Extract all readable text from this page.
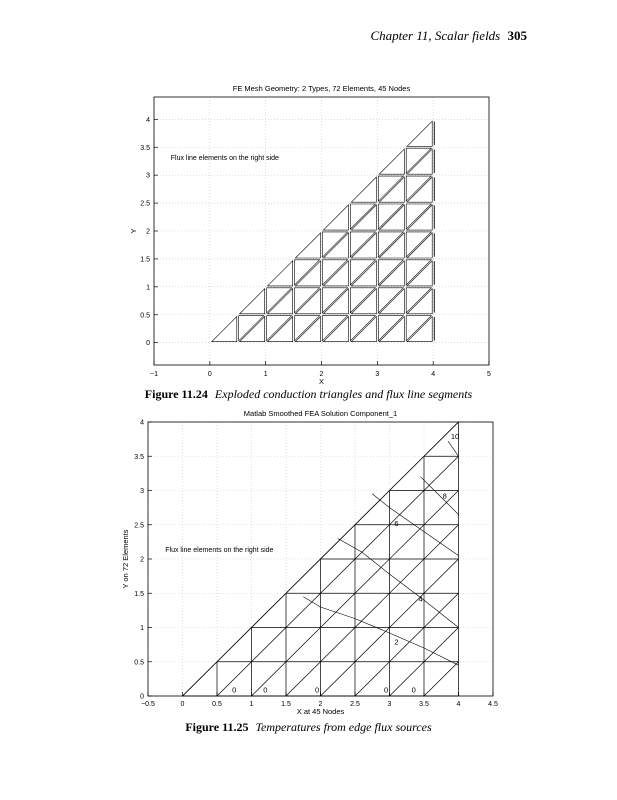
Chapter 11, Scalar fields 305
−1	0	1	2	3	4	5
0
0.5
1
1.5
2
2.5
3
3.5
4
FE Mesh Geometry: 2 Types, 72 Elements, 45 Nodes
X
Y
Flux line elements on the right side
Figure 11.24 Exploded conduction triangles and flux line segments
−0.5	0	0.5	1	1.5	2	2.5	3	3.5	4	4.5
0
0.5
1
1.5
2
2.5
3
3.5
4
Matlab Smoothed FEA Solution Component_1
X at 45 Nodes
Y on 72 Elements	Flux line elements on the right side
0	0	0	0	0
2
4
6
8
10
Figure 11.25 Temperatures from edge flux sources
